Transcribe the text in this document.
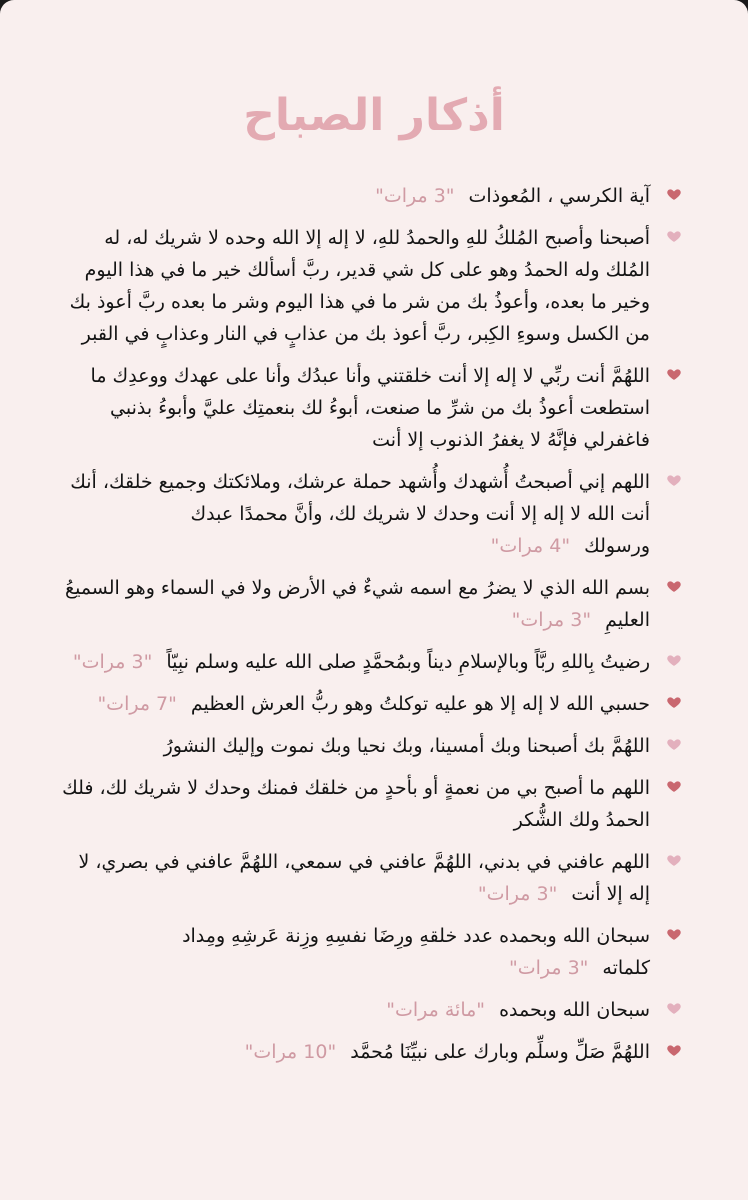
أذكار الصباح
آية الكرسي ، المُعوذات"3 مرات"
أصبحنا وأصبح المُلكُ للهِ والحمدُ للهِ، لا إله إلا الله وحده لا شريك له، له المُلك وله الحمدُ وهو على كل شي قدير، ربَّ أسألك خير ما في هذا اليوم وخير ما بعده، وأعوذُ بك من شر ما في هذا اليوم وشر ما بعده ربَّ أعوذ بك من الكسل وسوءِ الكِبر، ربَّ أعوذ بك من عذابٍ في النار وعذابٍ في القبر
اللهُمَّ أنت ربِّي لا إله إلا أنت خلقتني وأنا عبدُك وأنا على عهدك ووعدِك ما استطعت أعوذُ بك من شرِّ ما صنعت، أبوءُ لك بنعمتِك عليَّ وأبوءُ بذنبي فاغفرلي فإنَّهُ لا يغفرُ الذنوب إلا أنت
اللهم إني أصبحتُ أُشهدك وأُشهد حملة عرشك، وملائكتك وجميع خلقك، أنك أنت الله لا إله إلا أنت وحدك لا شريك لك، وأنَّ محمدًا عبدك ورسولك"4 مرات"
بسم الله الذي لا يضرُ مع اسمه شيءٌ في الأرض ولا في السماء وهو السميعُ العليمِ"3 مرات"
رضيتُ بِاللهِ ربَّاً وبالإسلامِ ديناً وبمُحمَّدٍ صلى الله عليه وسلم نبِيّاً"3 مرات"
حسبي الله لا إله إلا هو عليه توكلتُ وهو ربُّ العرش العظيم"7 مرات"
اللهُمَّ بك أصبحنا وبك أمسينا، وبك نحيا وبك نموت وإليك النشورُ
اللهم ما أصبح بي من نعمةٍ أو بأحدٍ من خلقك فمنك وحدك لا شريك لك، فلك الحمدُ ولك الشُّكر
اللهم عافني في بدني، اللهُمَّ عافني في سمعي، اللهُمَّ عافني في بصري، لا إله إلا أنت"3 مرات"
سبحان الله وبحمده عدد خلقهِ ورِضَا نفسِهِ وزِنة عَرشِهِ ومِداد كلماته"3 مرات"
سبحان الله وبحمده"مائة مرات"
اللهُمَّ صَلِّ وسلِّم وبارك على نبيِّنَا مُحمَّد"10 مرات"
